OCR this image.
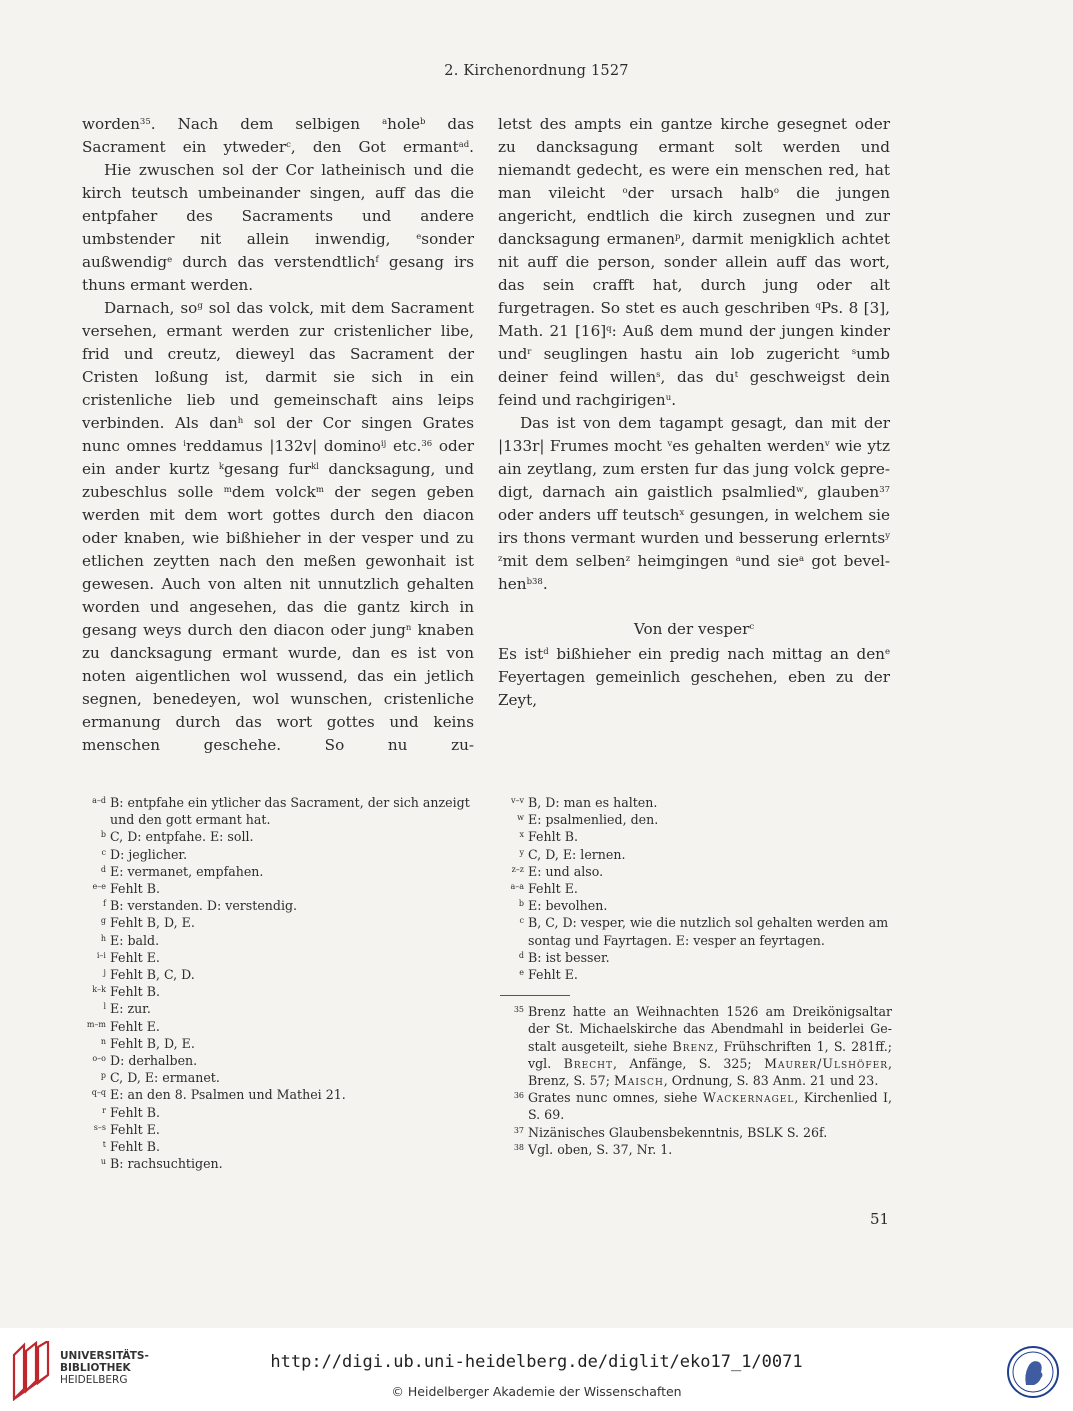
2. Kirchenordnung 1527

worden$^{35}$. Nach dem selbigen $^a$hole$^b$ das Sacrament ein ytweder$^c$, den Got ermant$^{ad}$.

Hie zwuschen sol der Cor latheinisch und die kirch teutsch umbeinander singen, auff das die entpfaher des Sacraments und andere umbstender nit allein inwendig, $^e$sonder außwendig$^e$ durch das verstendtlich$^f$ gesang irs thuns ermant werden.

Darnach, $so^g$ sol das volck, mit dem Sacrament versehen, ermant werden zur cristenlicher libe, frid und creutz, dieweyl das Sacrament der Cristen loßung ist, darmit sie sich in ein cristenliche lieb und gemeinschaft ains leips verbinden. Als dan$^h$ sol der Cor singen Grates nunc omnes $^i$reddamus |132v| domino$^{ij}$ etc.$^{36}$ oder ein ander kurtz $^k$gesang fur$^{kl}$ dancksagung, und zubeschlus solle $^m$dem volck$^m$ der segen geben werden mit dem wort gottes durch den diacon oder knaben, wie bißhieher in der vesper und zu etlichen zeytten nach den meßen gewonhait ist gewesen. Auch von alten nit unnutzlich gehalten worden und angesehen, das die gantz kirch in gesang weys durch den diacon oder jung$^n$ knaben zu dancksagung ermant wurde, dan es ist von noten aigentlichen wol wussend, das ein jetlich segnen, benedeyen, wol wunschen, cristenliche ermanung durch das wort gottes und keins menschen geschehe. So nu zu-

letst des ampts ein gantze kirche gesegnet oder zu dancksagung ermant solt werden und niemandt gedecht, es were ein menschen red, hat man vileicht $^o$der ursach halb$^o$ die jungen angericht, endtlich die kirch zusegnen und zur dancksagung ermanen$^p$, darmit menigklich achtet nit auff die person, sonder allein auff das wort, das sein crafft hat, durch jung oder alt furgetragen. So stet es auch geschriben $^q$Ps. 8 [3], Math. 21 $[16]^q$: Auß dem mund der jungen kinder und$^r$ seuglingen hastu ain lob zugericht $^s$umb deiner feind willen$^s$, das $du^t$ geschweigst dein feind und rachgirigen$^u$.

Das ist von dem tagampt gesagt, dan mit der |133r| Frumes mocht $^v$es gehalten werden$^v$ wie ytz ain zeytlang, zum ersten fur das jung volck gepredigt, darnach ain gaistlich psalmlied$^w$, glauben$^{37}$ oder anders uff teutsch$^x$ gesungen, in welchem sie irs thons vermant wurden und besserung erlernts$^y$ $^z$mit dem selben$^z$ heimgingen $^a$und sie$^a$ got bevelhen$^{b38}$.

Von der vesper$^c$

Es ist$^d$ bißhieher ein predig nach mittag an den$^e$ Feyertagen gemeinlich geschehen, eben zu der Zeyt,

a–d B: entpfahe ein ytlicher das Sacrament, der sich anzeigt und den gott ermant hat.
b C, D: entpfahe. E: soll.
c D: jeglicher.
d E: vermanet, empfahen.
e–e Fehlt B.
f B: verstanden. D: verstendig.
g Fehlt B, D, E.
h E: bald.
i–i Fehlt E.
j Fehlt B, C, D.
k–k Fehlt B.
l E: zur.
m–m Fehlt E.
n Fehlt B, D, E.
o–o D: derhalben.
p C, D, E: ermanet.
q–q E: an den 8. Psalmen und Mathei 21.
r Fehlt B.
s–s Fehlt E.
t Fehlt B.
u B: rachsuchtigen.
v–v B, D: man es halten.
w E: psalmenlied, den.
x Fehlt B.
y C, D, E: lernen.
z–z E: und also.
a–a Fehlt E.
b E: bevolhen.
c B, C, D: vesper, wie die nutzlich sol gehalten werden am sontag und Fayrtagen. E: vesper an feyrtagen.
d B: ist besser.
e Fehlt E.
35 Brenz hatte an Weihnachten 1526 am Dreikönigsaltar der St. Michaelskirche das Abendmahl in beiderlei Gestalt ausgeteilt, siehe Brenz, Frühschriften 1, S. 281ff.; vgl. Brecht, Anfänge, S. 325; Maurer/Ulshöfer, Brenz, S. 57; Maisch, Ordnung, S. 83 Anm. 21 und 23.
36 Grates nunc omnes, siehe Wackernagel, Kirchenlied I, S. 69.
37 Nizänisches Glaubensbekenntnis, BSLK S. 26f.
38 Vgl. oben, S. 37, Nr. 1.
51
UNIVERSITÄTS-
BIBLIOTHEK
HEIDELBERG
http://digi.ub.uni-heidelberg.de/diglit/eko17_1/0071
© Heidelberger Akademie der Wissenschaften
